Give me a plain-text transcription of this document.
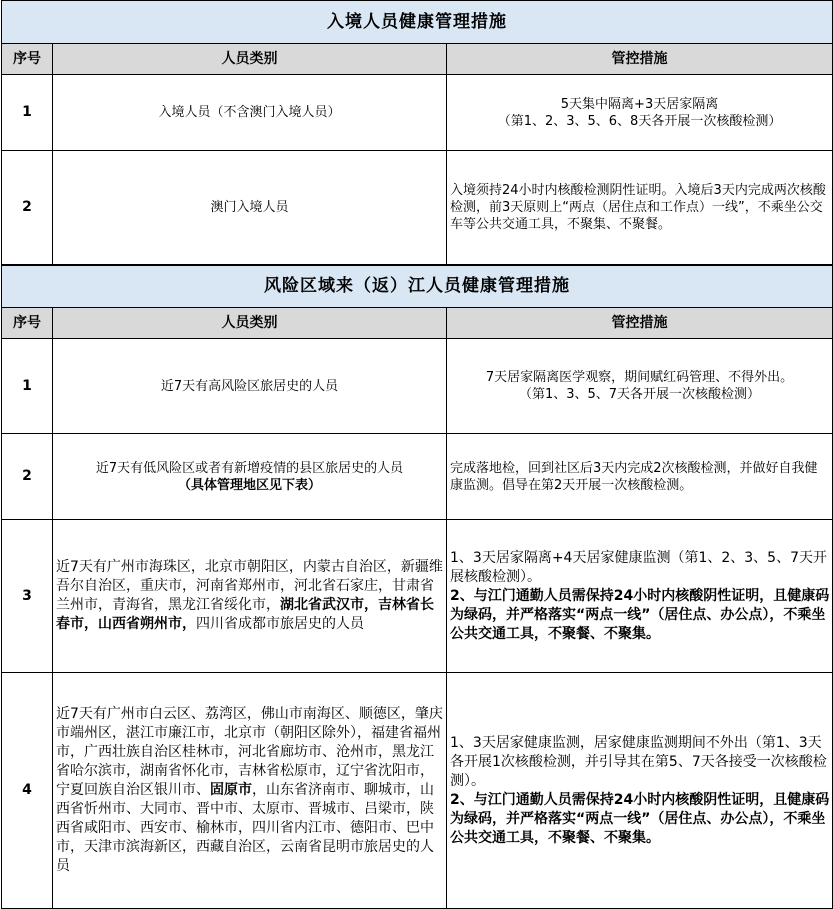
入境人员健康管理措施		
序号	人员类别	管控措施
1	入境人员（不含澳门入境人员）	5天集中隔离+3天居家隔离
（第1、2、3、5、6、8天各开展一次核酸检测）

2	澳门入境人员	入境须持24小时内核酸检测阴性证明。入境后3天内完成两次核酸检测，前3天原则上“两点（居住点和工作点）一线”，不乘坐公交车等公共交通工具，不聚集、不聚餐。
风险区域来（返）江人员健康管理措施		
序号	人员类别	管控措施
1	近7天有高风险区旅居史的人员	7天居家隔离医学观察，期间赋红码管理、不得外出。
（第1、3、5、7天各开展一次核酸检测）

2	近7天有低风险区或者有新增疫情的县区旅居史的人员
（具体管理地区见下表）	完成落地检，回到社区后3天内完成2次核酸检测，并做好自我健康监测。倡导在第2天开展一次核酸检测。
3	近7天有广州市海珠区，北京市朝阳区，内蒙古自治区，新疆维吾尔自治区，重庆市，河南省郑州市，河北省石家庄，甘肃省兰州市，青海省，黑龙江省绥化市，湖北省武汉市，吉林省长春市，山西省朔州市，四川省成都市旅居史的人员	1、3天居家隔离+4天居家健康监测（第1、2、3、5、7天开展核酸检测）。
2、与江门通勤人员需保持24小时内核酸阴性证明，且健康码为绿码，并严格落实“两点一线”（居住点、办公点），不乘坐公共交通工具，不聚餐、不聚集。

4	近7天有广州市白云区、荔湾区，佛山市南海区、顺德区，肇庆市端州区，湛江市廉江市，北京市（朝阳区除外），福建省福州市，广西壮族自治区桂林市，河北省廊坊市、沧州市，黑龙江省哈尔滨市，湖南省怀化市，吉林省松原市，辽宁省沈阳市，宁夏回族自治区银川市、固原市，山东省济南市、聊城市，山西省忻州市、大同市、晋中市、太原市、晋城市、吕梁市，陕西省咸阳市、西安市、榆林市，四川省内江市、德阳市、巴中市，天津市滨海新区，西藏自治区，云南省昆明市旅居史的人员	1、3天居家健康监测，居家健康监测期间不外出（第1、3天各开展1次核酸检测，并引导其在第5、7天各接受一次核酸检测）。
2、与江门通勤人员需保持24小时内核酸阴性证明，且健康码为绿码，并严格落实“两点一线”（居住点、办公点），不乘坐公共交通工具，不聚餐、不聚集。
